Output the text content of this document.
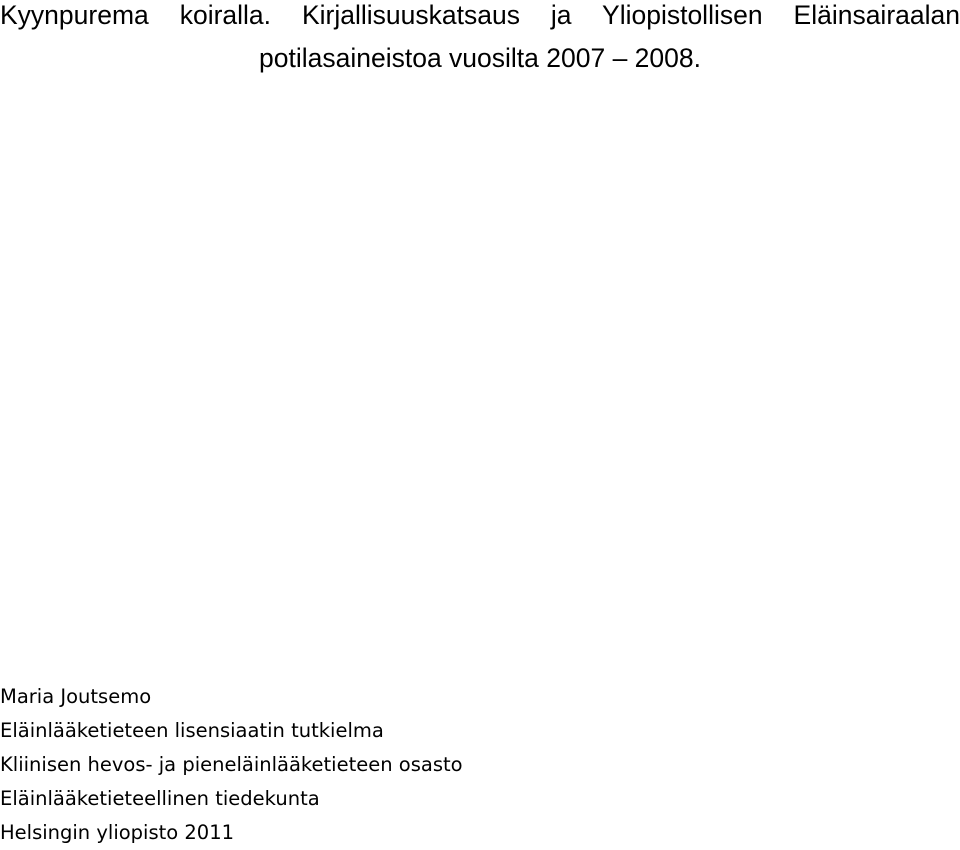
Kyynpurema koiralla. Kirjallisuuskatsaus ja Yliopistollisen Eläinsairaalan
potilasaineistoa vuosilta 2007 – 2008.
Maria Joutsemo
Eläinlääketieteen lisensiaatin tutkielma
Kliinisen hevos- ja pieneläinlääketieteen osasto
Eläinlääketieteellinen tiedekunta
Helsingin yliopisto 2011
